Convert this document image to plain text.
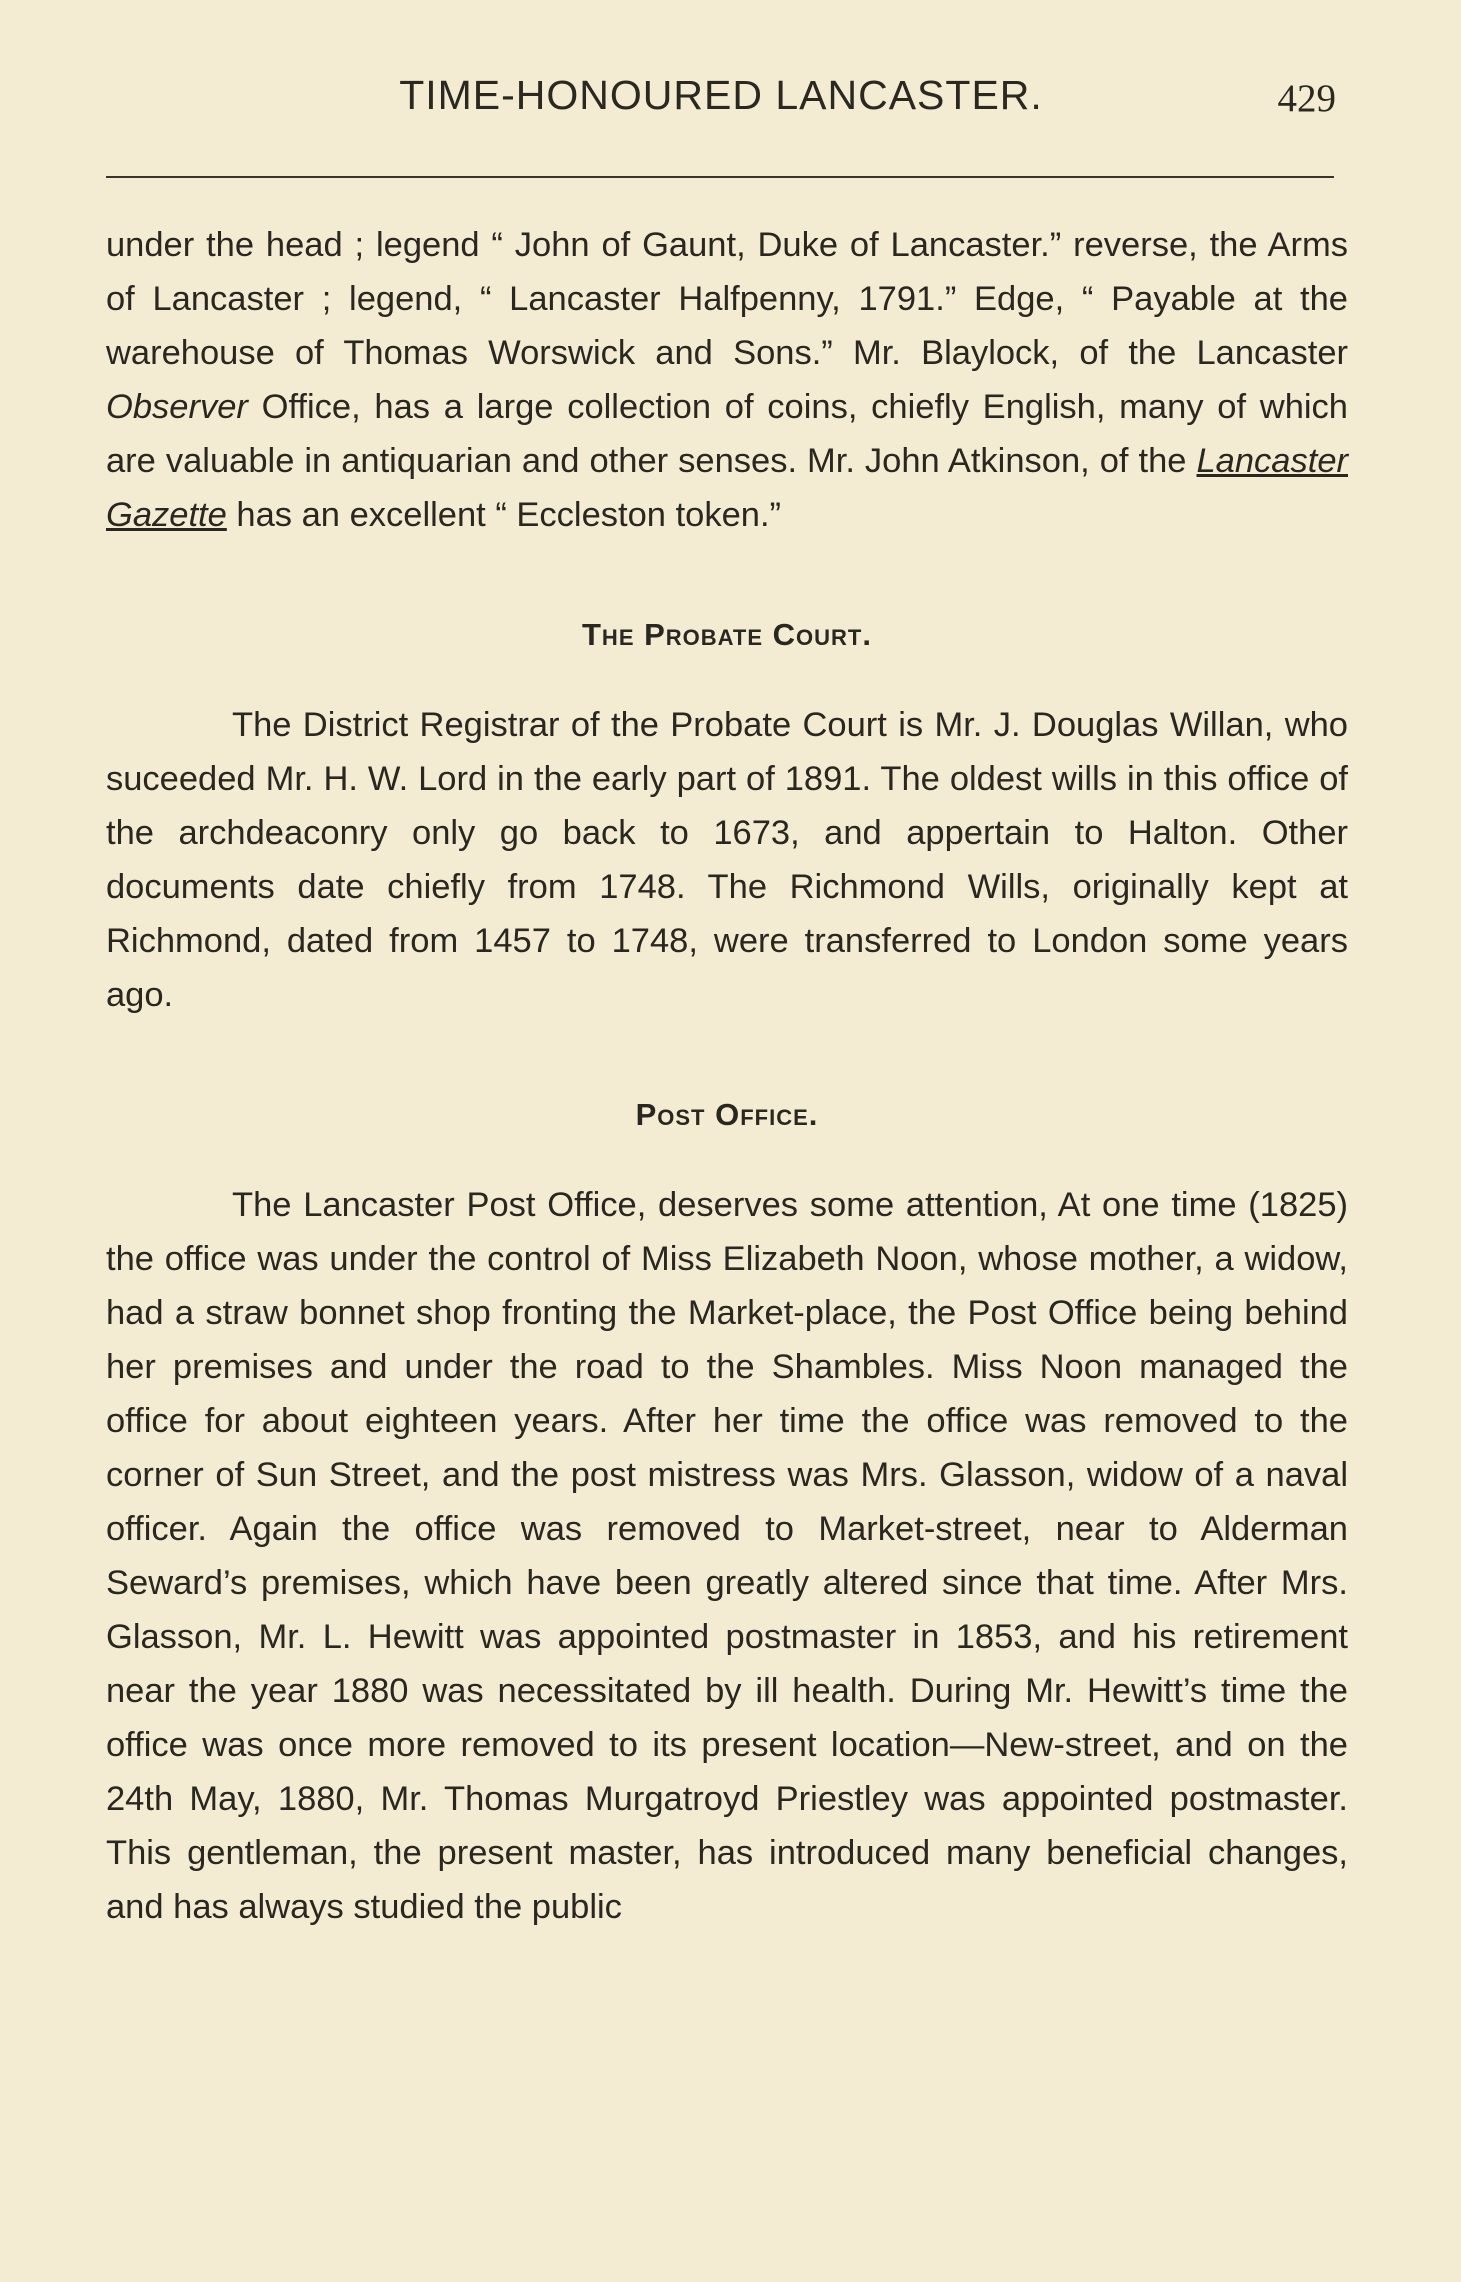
TIME-HONOURED LANCASTER.	429

under the head ; legend “ John of Gaunt, Duke of Lancaster.” reverse, the Arms of Lancaster ; legend, “ Lancaster Halfpenny, 1791.” Edge, “ Payable at the warehouse of Thomas Worswick and Sons.” Mr. Blaylock, of the Lancaster Observer Office, has a large collection of coins, chiefly English, many of which are valuable in antiquarian and other senses. Mr. John Atkinson, of the Lancaster Gazette has an excellent “ Eccleston token.”

The Probate Court.

The District Registrar of the Probate Court is Mr. J. Douglas Willan, who suceeded Mr. H. W. Lord in the early part of 1891. The oldest wills in this office of the archdeaconry only go back to 1673, and appertain to Halton. Other documents date chiefly from 1748. The Richmond Wills, originally kept at Richmond, dated from 1457 to 1748, were transferred to London some years ago.

Post Office.

The Lancaster Post Office, deserves some attention, At one time (1825) the office was under the control of Miss Elizabeth Noon, whose mother, a widow, had a straw bonnet shop fronting the Market-place, the Post Office being behind her premises and under the road to the Shambles. Miss Noon managed the office for about eighteen years. After her time the office was removed to the corner of Sun Street, and the post mistress was Mrs. Glasson, widow of a naval officer. Again the office was removed to Market-street, near to Alderman Seward’s premises, which have been greatly altered since that time. After Mrs. Glasson, Mr. L. Hewitt was appointed postmaster in 1853, and his retirement near the year 1880 was necessitated by ill health. During Mr. Hewitt’s time the office was once more removed to its present location—New-street, and on the 24th May, 1880, Mr. Thomas Murgatroyd Priestley was appointed postmaster. This gentleman, the present master, has introduced many beneficial changes, and has always studied the public
